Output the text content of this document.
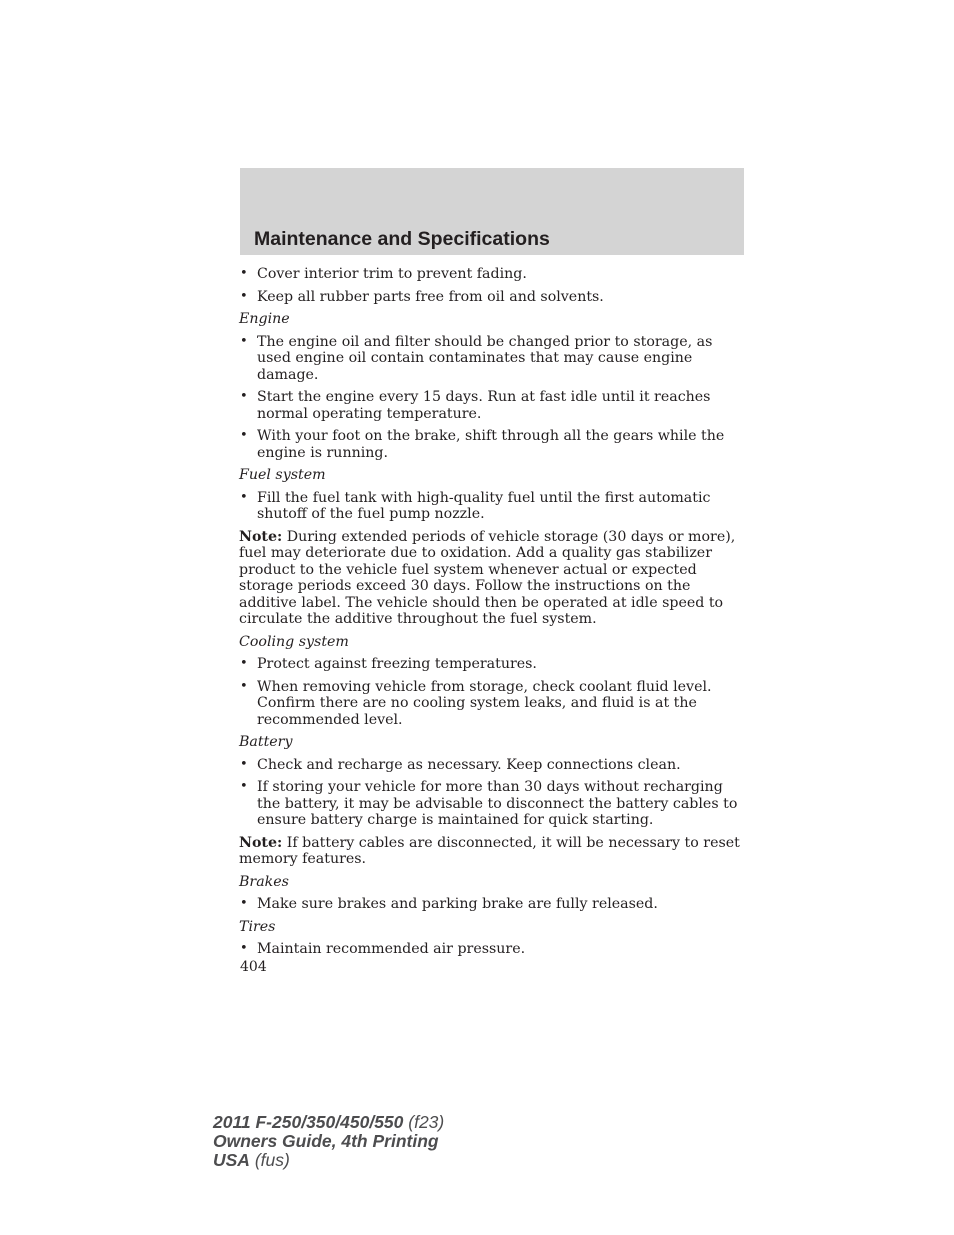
Maintenance and Specifications
• Cover interior trim to prevent fading.
• Keep all rubber parts free from oil and solvents.
Engine
• The engine oil and filter should be changed prior to storage, as used engine oil contain contaminates that may cause engine damage.
• Start the engine every 15 days. Run at fast idle until it reaches normal operating temperature.
• With your foot on the brake, shift through all the gears while the engine is running.
Fuel system
• Fill the fuel tank with high-quality fuel until the first automatic shutoff of the fuel pump nozzle.
Note: During extended periods of vehicle storage (30 days or more), fuel may deteriorate due to oxidation. Add a quality gas stabilizer product to the vehicle fuel system whenever actual or expected storage periods exceed 30 days. Follow the instructions on the additive label. The vehicle should then be operated at idle speed to circulate the additive throughout the fuel system.
Cooling system
• Protect against freezing temperatures.
• When removing vehicle from storage, check coolant fluid level. Confirm there are no cooling system leaks, and fluid is at the recommended level.
Battery
• Check and recharge as necessary. Keep connections clean.
• If storing your vehicle for more than 30 days without recharging the battery, it may be advisable to disconnect the battery cables to ensure battery charge is maintained for quick starting.
Note: If battery cables are disconnected, it will be necessary to reset memory features.
Brakes
• Make sure brakes and parking brake are fully released.
Tires
• Maintain recommended air pressure.
404
2011 F-250/350/450/550 (f23)
Owners Guide, 4th Printing
USA (fus)
